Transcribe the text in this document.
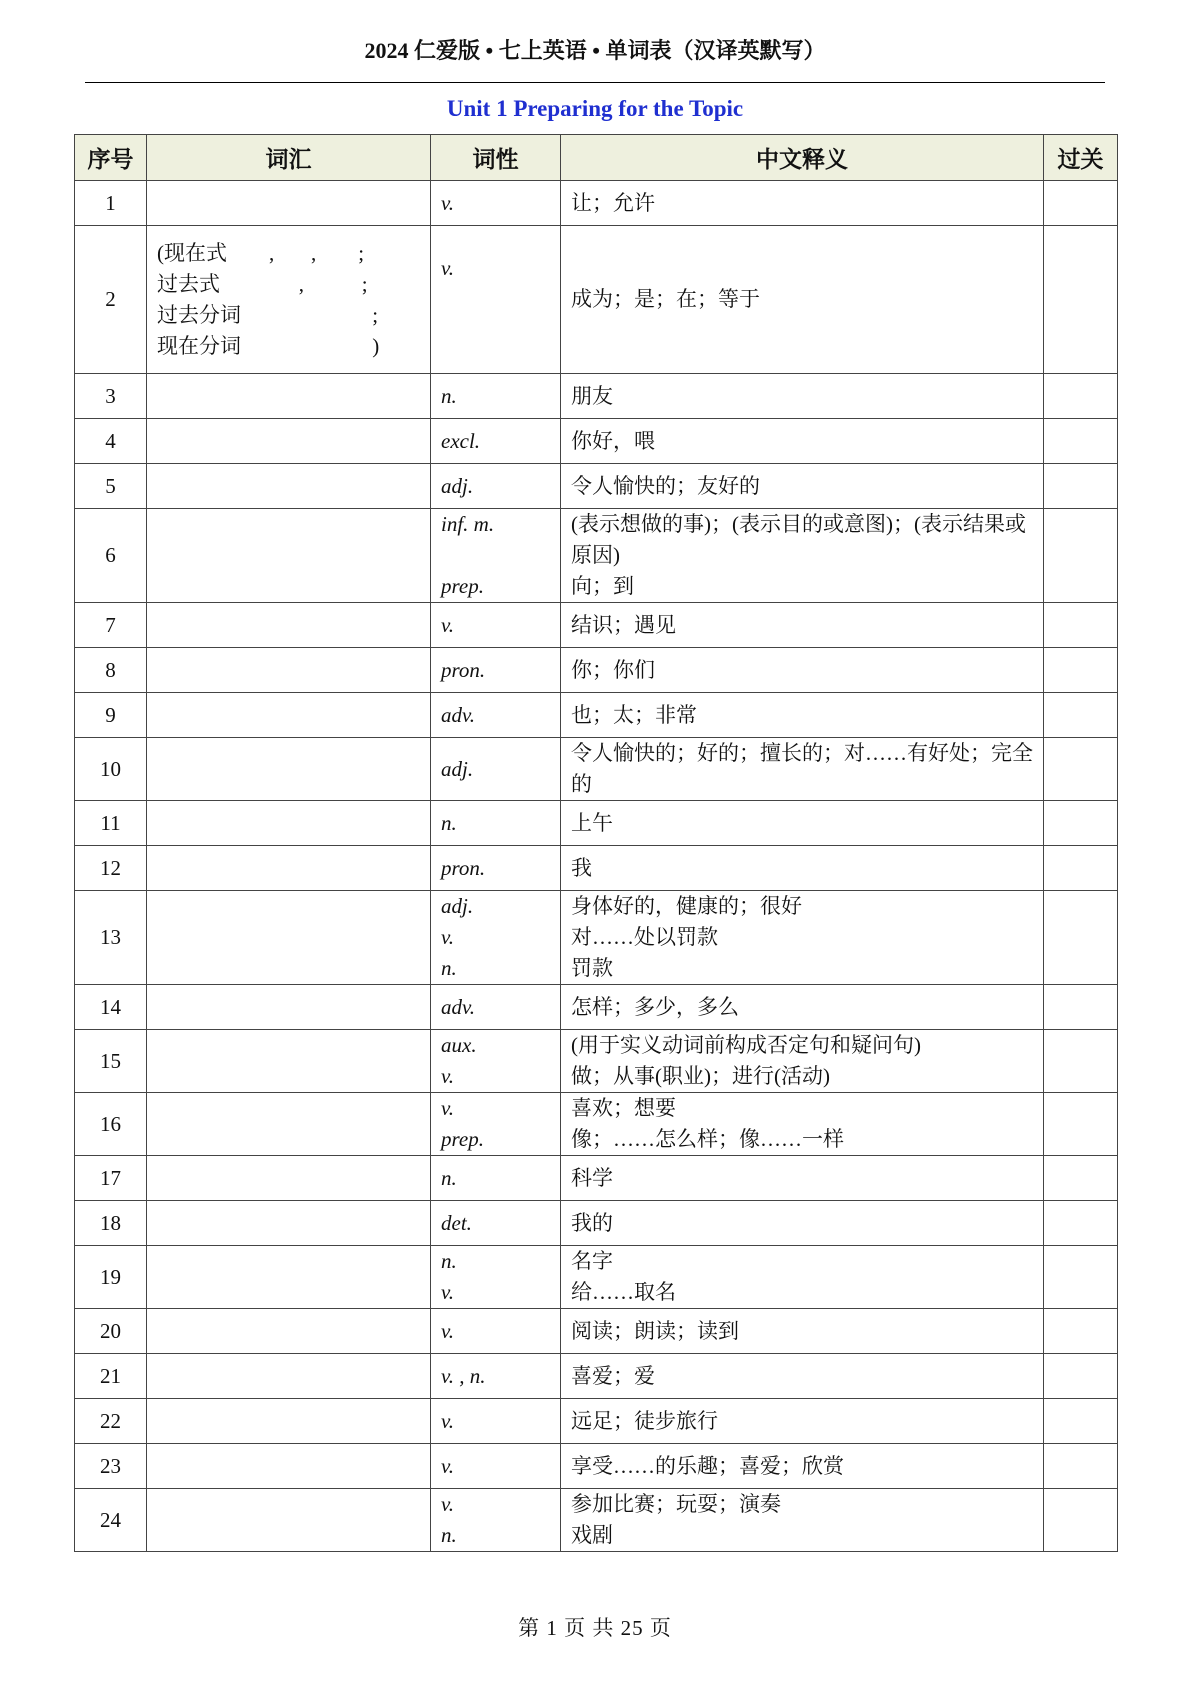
2024 仁爱版 • 七上英语 • 单词表（汉译英默写）
Unit 1 Preparing for the Topic
序号	词汇	词性	中文释义	过关
1		v.	让；允许	

2	(现在式        ,       ,        ;
过去式               ,           ;
过去分词                         ;
现在分词                         )	v.	成为；是；在；等于	

3		n.	朋友	

4		excl.	你好，喂	

5		adj.	令人愉快的；友好的	

6		inf. m.
prep.	(表示想做的事)；(表示目的或意图)；(表示结果或原因)
向；到	

7		v.	结识；遇见	

8		pron.	你；你们	

9		adv.	也；太；非常	

10		adj.	令人愉快的；好的；擅长的；对……有好处；完全的	

11		n.	上午	

12		pron.	我	

13		adj.
v.
n.	身体好的，健康的；很好
对……处以罚款
罚款	

14		adv.	怎样；多少，多么	

15		aux.
v.	(用于实义动词前构成否定句和疑问句)
做；从事(职业)；进行(活动)	

16		v.
prep.	喜欢；想要
像；……怎么样；像……一样	

17		n.	科学	

18		det.	我的	

19		n.
v.	名字
给……取名	

20		v.	阅读；朗读；读到	

21		v. , n.	喜爱；爱	

22		v.	远足；徒步旅行	

23		v.	享受……的乐趣；喜爱；欣赏	

24		v.
n.	参加比赛；玩耍；演奏
戏剧	

第 1 页 共 25 页
